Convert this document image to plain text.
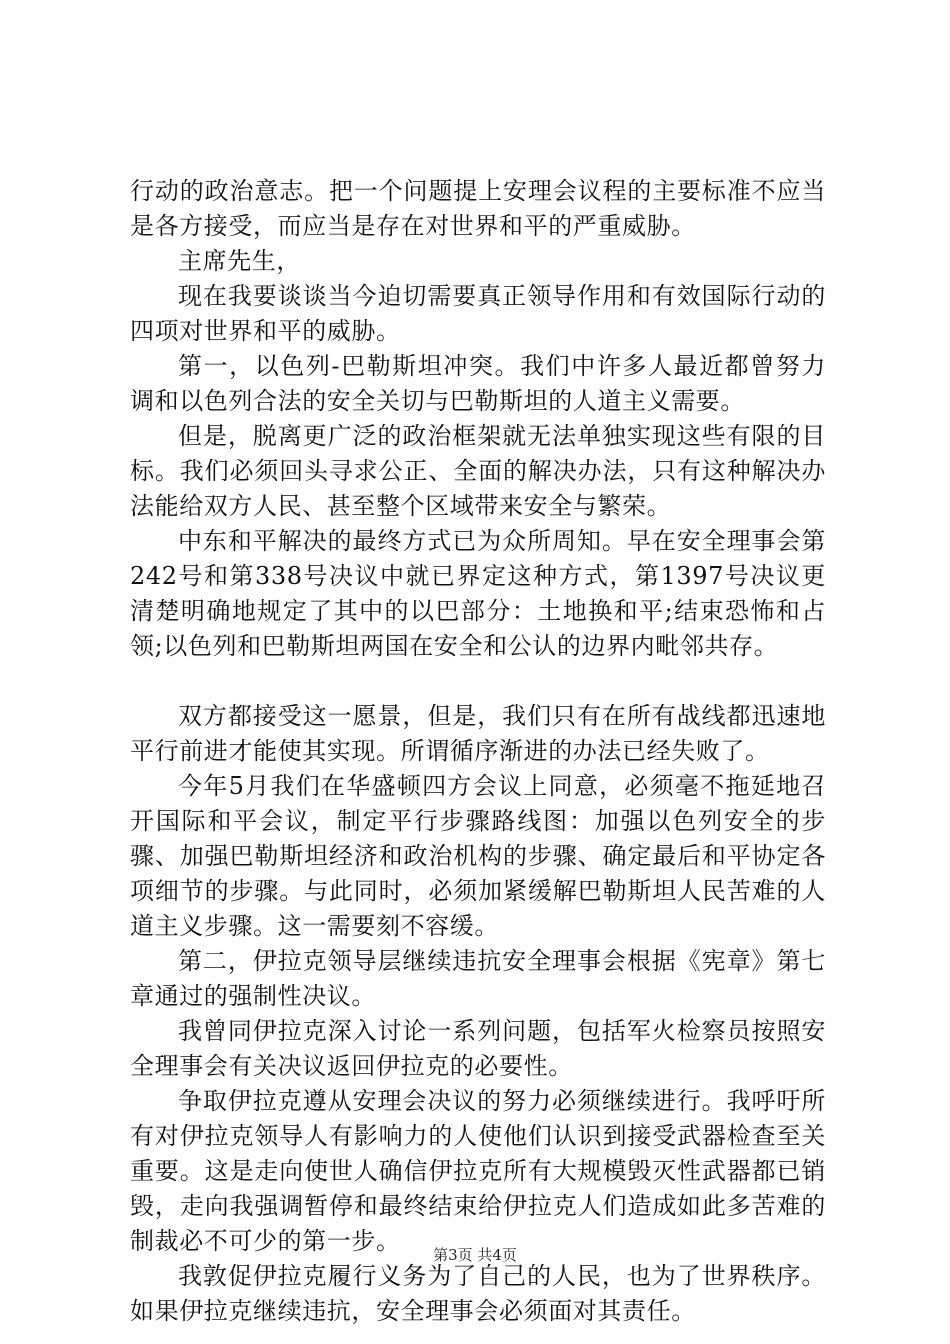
行动的政治意志。把一个问题提上安理会议程的主要标准不应当是各方接受，而应当是存在对世界和平的严重威胁。

主席先生，

现在我要谈谈当今迫切需要真正领导作用和有效国际行动的四项对世界和平的威胁。

第一，以色列-巴勒斯坦冲突。我们中许多人最近都曾努力调和以色列合法的安全关切与巴勒斯坦的人道主义需要。

但是，脱离更广泛的政治框架就无法单独实现这些有限的目标。我们必须回头寻求公正、全面的解决办法，只有这种解决办法能给双方人民、甚至整个区域带来安全与繁荣。

中东和平解决的最终方式已为众所周知。早在安全理事会第242号和第338号决议中就已界定这种方式，第1397号决议更清楚明确地规定了其中的以巴部分：土地换和平;结束恐怖和占领;以色列和巴勒斯坦两国在安全和公认的边界内毗邻共存。

双方都接受这一愿景，但是，我们只有在所有战线都迅速地平行前进才能使其实现。所谓循序渐进的办法已经失败了。

今年5月我们在华盛顿四方会议上同意，必须毫不拖延地召开国际和平会议，制定平行步骤路线图：加强以色列安全的步骤、加强巴勒斯坦经济和政治机构的步骤、确定最后和平协定各项细节的步骤。与此同时，必须加紧缓解巴勒斯坦人民苦难的人道主义步骤。这一需要刻不容缓。

第二，伊拉克领导层继续违抗安全理事会根据《宪章》第七章通过的强制性决议。

我曾同伊拉克深入讨论一系列问题，包括军火检察员按照安全理事会有关决议返回伊拉克的必要性。

争取伊拉克遵从安理会决议的努力必须继续进行。我呼吁所有对伊拉克领导人有影响力的人使他们认识到接受武器检查至关重要。这是走向使世人确信伊拉克所有大规模毁灭性武器都已销毁，走向我强调暂停和最终结束给伊拉克人们造成如此多苦难的制裁必不可少的第一步。

我敦促伊拉克履行义务为了自己的人民，也为了世界秩序。如果伊拉克继续违抗，安全理事会必须面对其责任。

第3页 共4页
